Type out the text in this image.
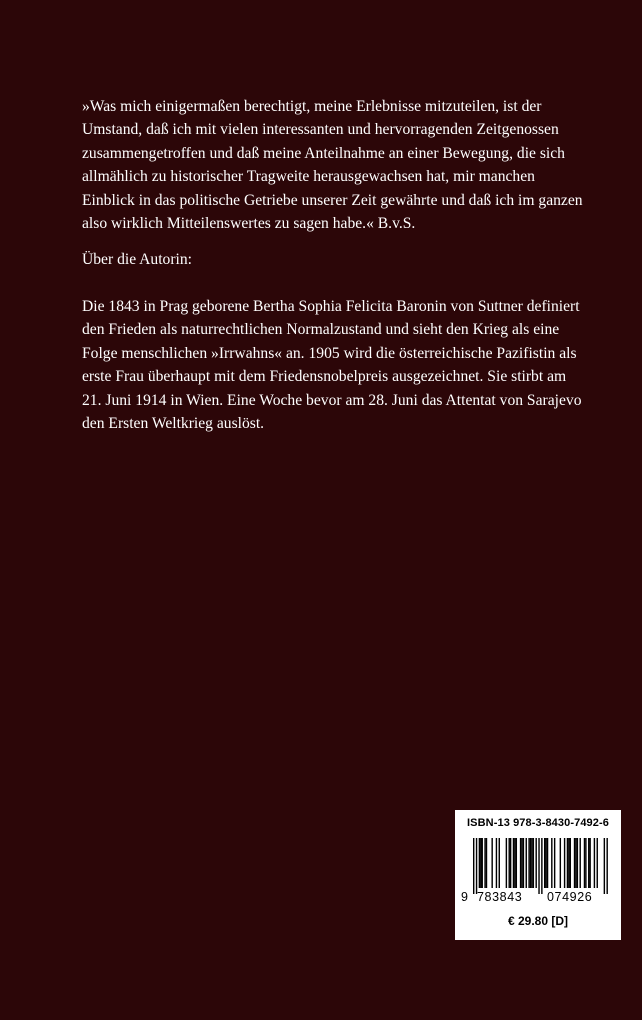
»Was mich einigermaßen berechtigt, meine Erlebnisse mitzuteilen, ist der
Umstand, daß ich mit vielen interessanten und hervorragenden Zeitgenossen
zusammengetroffen und daß meine Anteilnahme an einer Bewegung, die sich
allmählich zu historischer Tragweite herausgewachsen hat, mir manchen
Einblick in das politische Getriebe unserer Zeit gewährte und daß ich im ganzen
also wirklich Mitteilenswertes zu sagen habe.« B.v.S.
Über die Autorin:
Die 1843 in Prag geborene Bertha Sophia Felicita Baronin von Suttner definiert
den Frieden als naturrechtlichen Normalzustand und sieht den Krieg als eine
Folge menschlichen »Irrwahns« an. 1905 wird die österreichische Pazifistin als
erste Frau überhaupt mit dem Friedensnobelpreis ausgezeichnet. Sie stirbt am
21. Juni 1914 in Wien. Eine Woche bevor am 28. Juni das Attentat von Sarajevo
den Ersten Weltkrieg auslöst.
ISBN-13 978-3-8430-7492-6
9 783843 074926
€ 29.80 [D]
